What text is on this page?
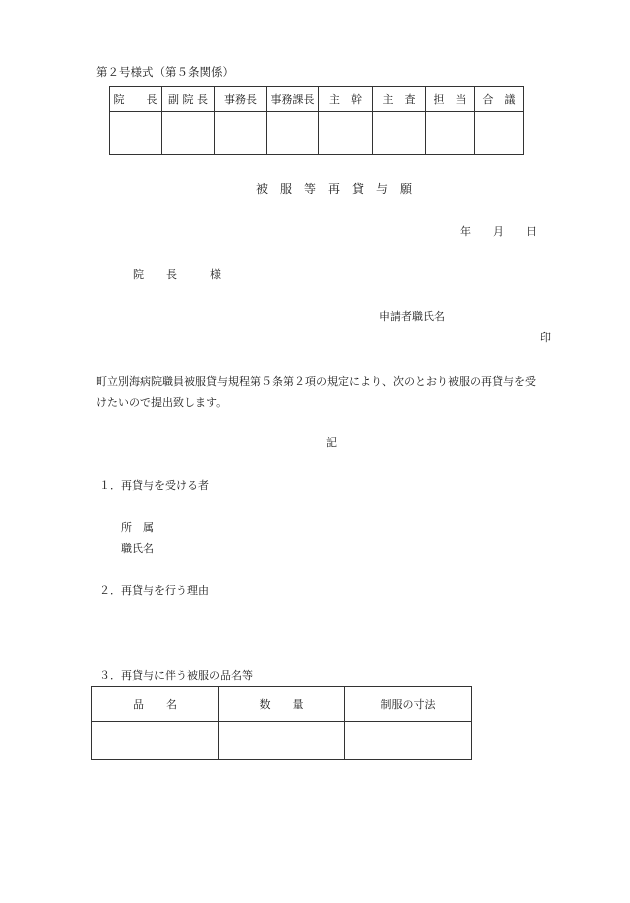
第２号様式（第５条関係）
院　　長	副 院 長	事務長	事務課長	主　幹	主　査	担　当	合　議

被　服　等　再　貸　与　願
年　　月　　日
院　　長　　　様
申請者職氏名
印
町立別海病院職員被服貸与規程第５条第２項の規定により、次のとおり被服の再貸与を受
けたいので提出致します。
記
１．再貸与を受ける者
所　属
職氏名
２．再貸与を行う理由
３．再貸与に伴う被服の品名等
品　　名	数　　量	制服の寸法
